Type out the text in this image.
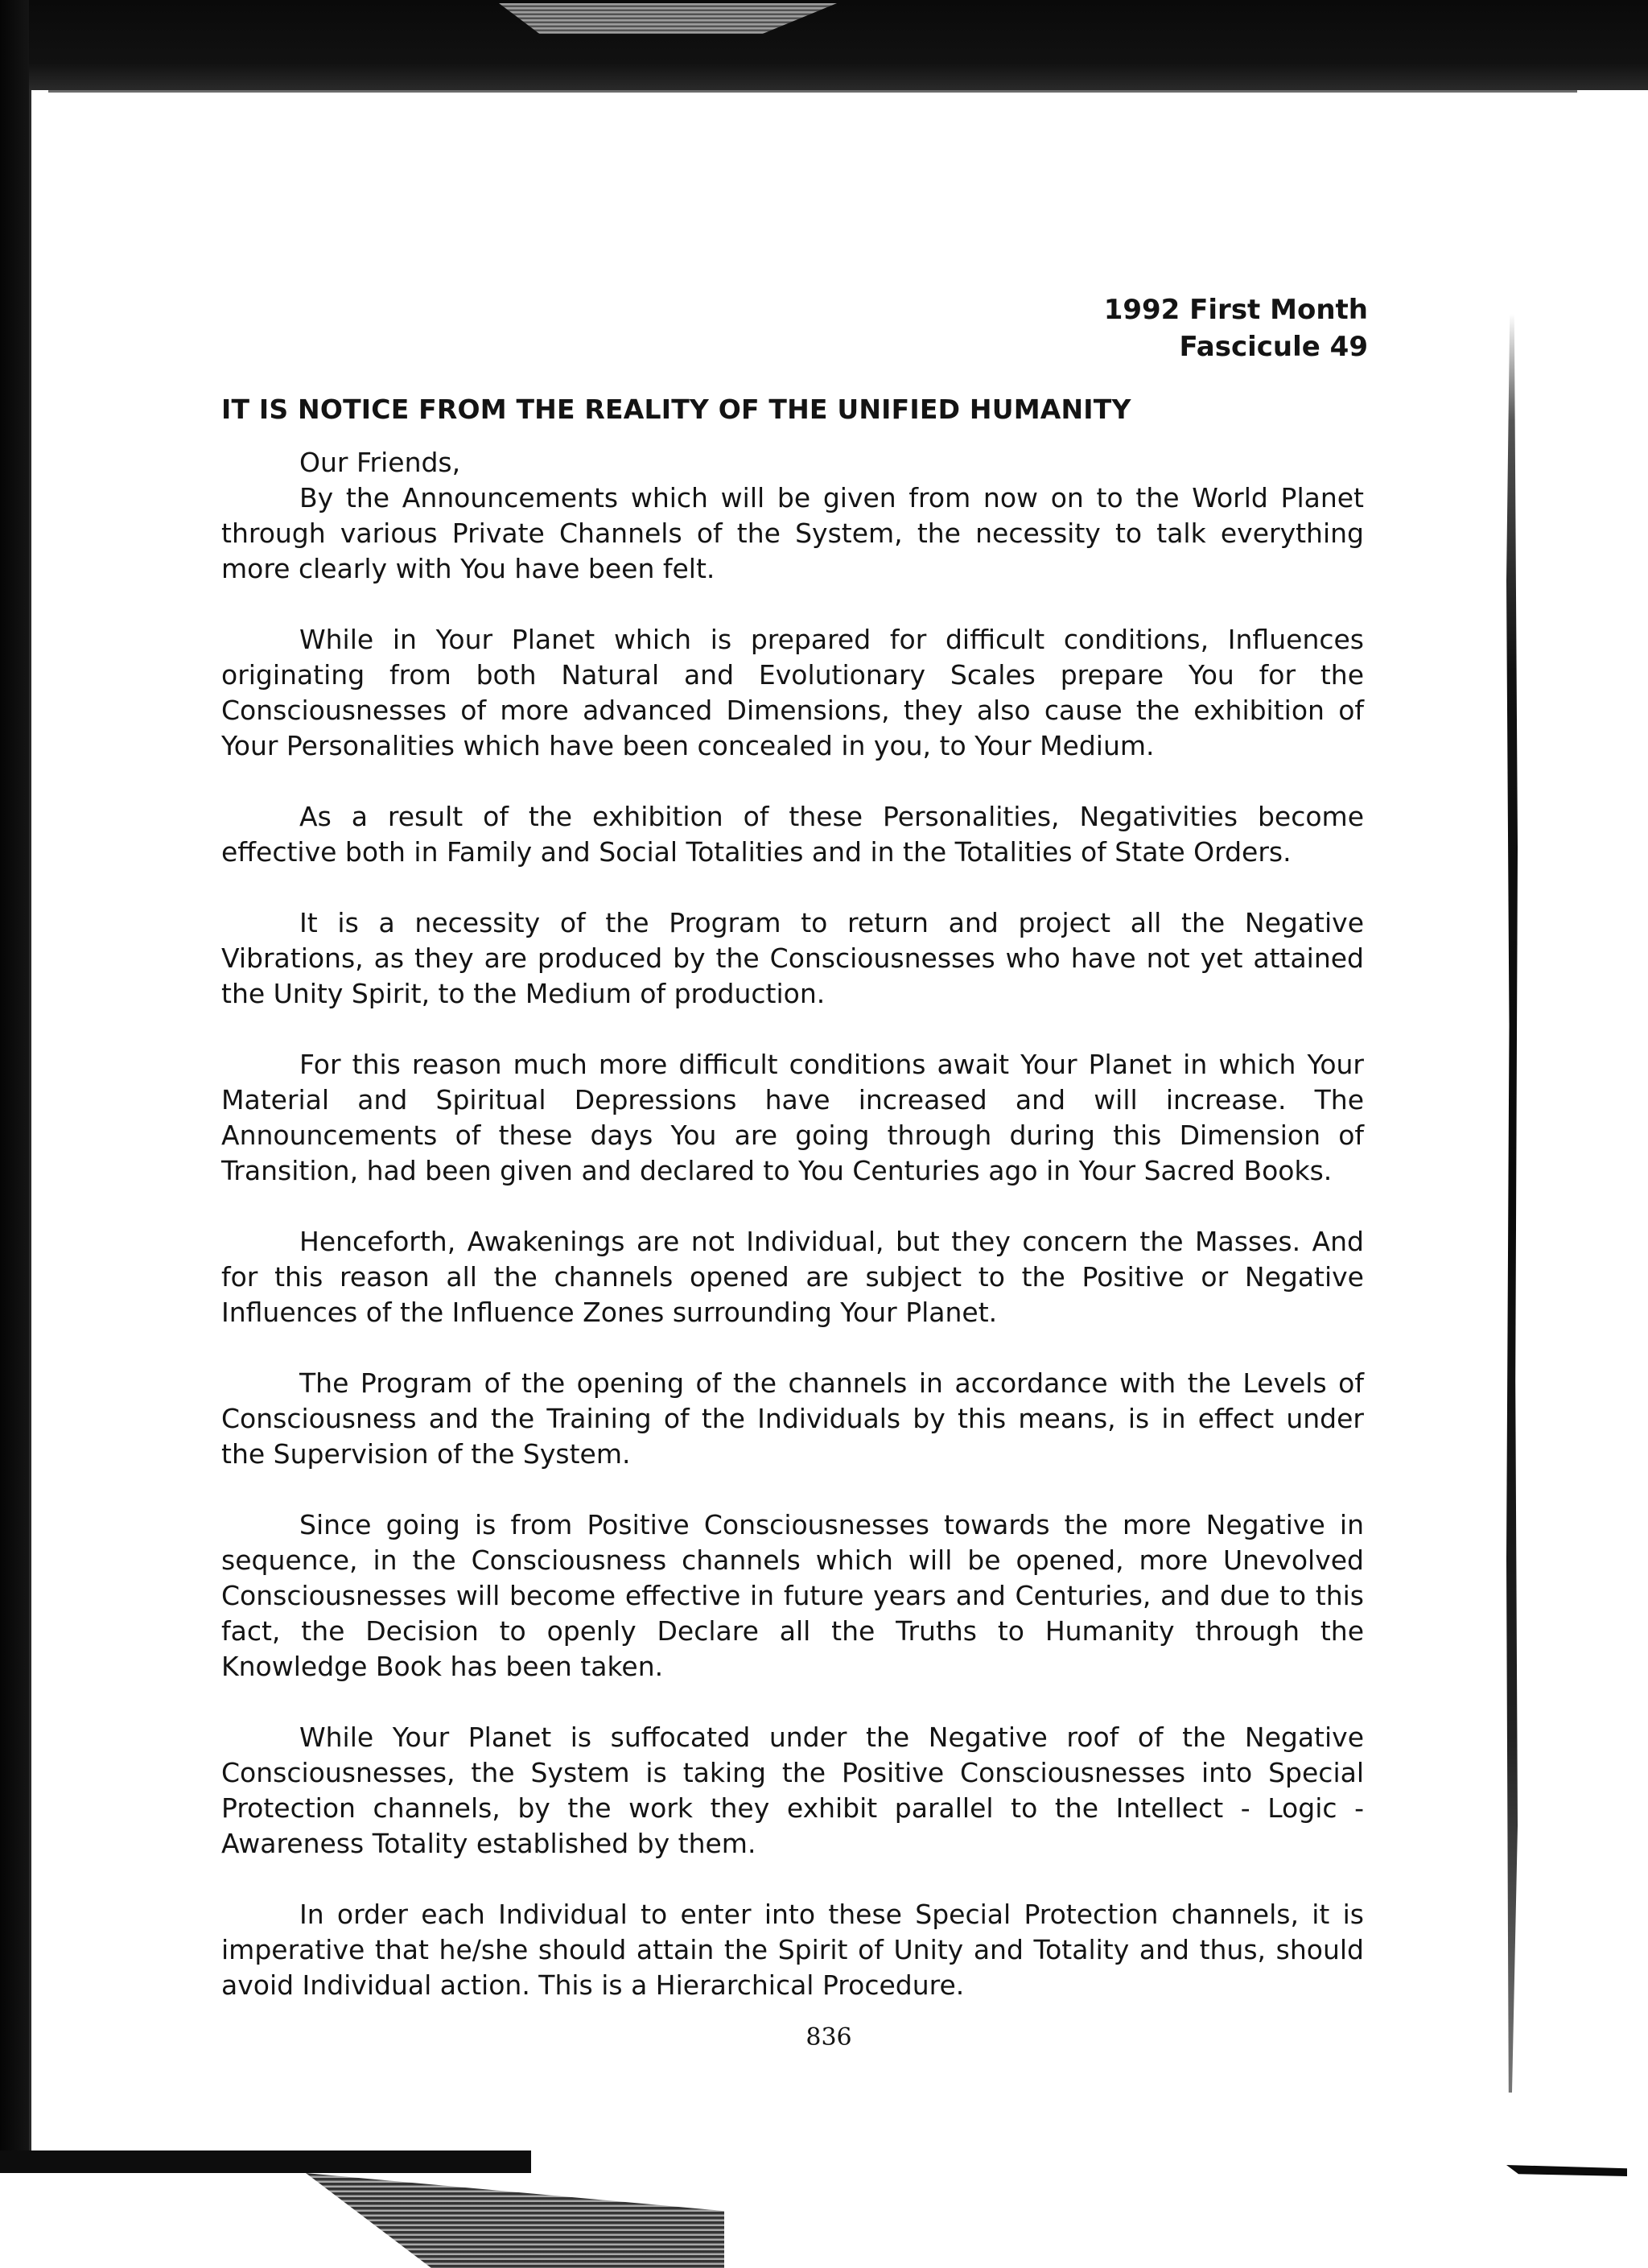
1992 First Month
Fascicule 49
IT IS NOTICE FROM THE REALITY OF THE UNIFIED HUMANITY

Our Friends,

By the Announcements which will be given from now on to the World Planet through various Private Channels of the System, the necessity to talk everything more clearly with You have been felt.

While in Your Planet which is prepared for difficult conditions, Influences originating from both Natural and Evolutionary Scales prepare You for the Consciousnesses of more advanced Dimensions, they also cause the exhibition of Your Personalities which have been concealed in you, to Your Medium.

As a result of the exhibition of these Personalities, Negativities become effective both in Family and Social Totalities and in the Totalities of State Orders.

It is a necessity of the Program to return and project all the Negative Vibrations, as they are produced by the Consciousnesses who have not yet attained the Unity Spirit, to the Medium of production.

For this reason much more difficult conditions await Your Planet in which Your Material and Spiritual Depressions have increased and will increase. The Announcements of these days You are going through during this Dimension of Transition, had been given and declared to You Centuries ago in Your Sacred Books.

Henceforth, Awakenings are not Individual, but they concern the Masses. And for this reason all the channels opened are subject to the Positive or Negative Influences of the Influence Zones surrounding Your Planet.

The Program of the opening of the channels in accordance with the Levels of Consciousness and the Training of the Individuals by this means, is in effect under the Supervision of the System.

Since going is from Positive Consciousnesses towards the more Negative in sequence, in the Consciousness channels which will be opened, more Unevolved Consciousnesses will become effective in future years and Centuries, and due to this fact, the Decision to openly Declare all the Truths to Humanity through the Knowledge Book has been taken.

While Your Planet is suffocated under the Negative roof of the Negative Consciousnesses, the System is taking the Positive Consciousnesses into Special Protection channels, by the work they exhibit parallel to the Intellect - Logic - Awareness Totality established by them.

In order each Individual to enter into these Special Protection channels, it is imperative that he/she should attain the Spirit of Unity and Totality and thus, should avoid Individual action. This is a Hierarchical Procedure.

836
